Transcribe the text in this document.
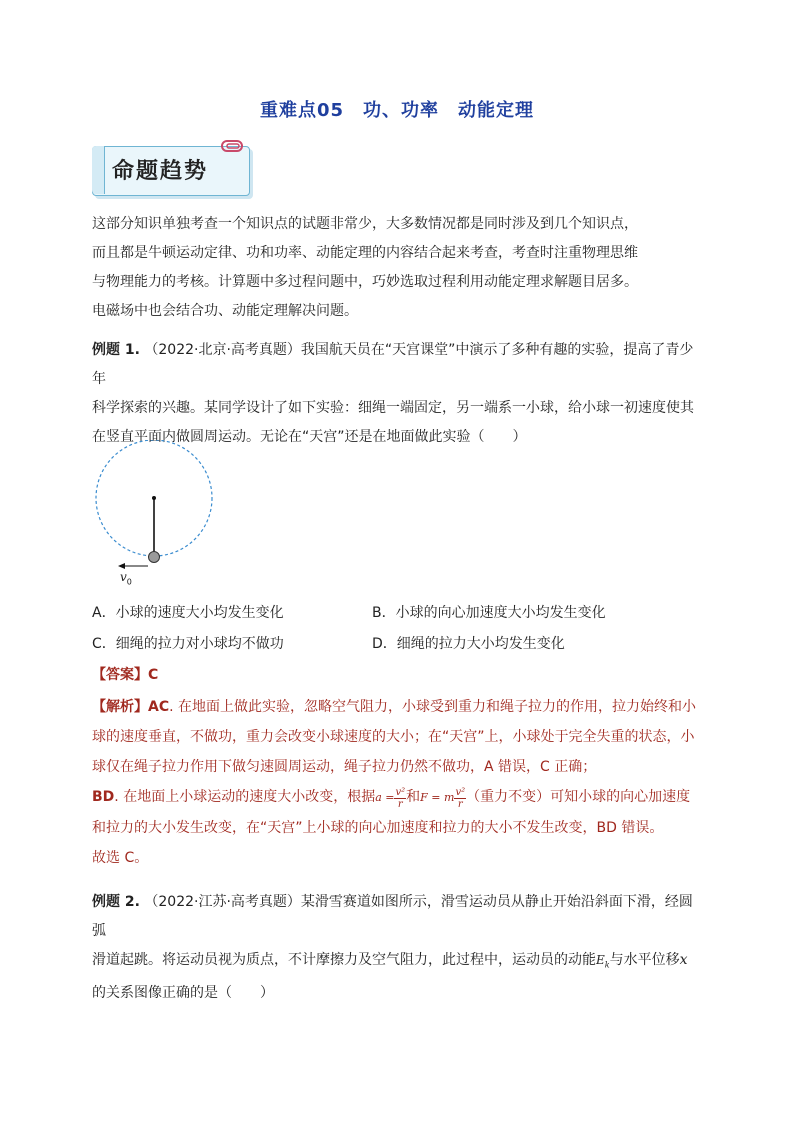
重难点05　功、功率　动能定理
命题趋势
这部分知识单独考查一个知识点的试题非常少，大多数情况都是同时涉及到几个知识点，
而且都是牛顿运动定律、功和功率、动能定理的内容结合起来考查，考查时注重物理思维
与物理能力的考核。计算题中多过程问题中，巧妙选取过程利用动能定理求解题目居多。
电磁场中也会结合功、动能定理解决问题。
例题 1. （2022·北京·高考真题）我国航天员在“天宫课堂”中演示了多种有趣的实验，提高了青少年
科学探索的兴趣。某同学设计了如下实验：细绳一端固定，另一端系一小球，给小球一初速度使其
在竖直平面内做圆周运动。无论在“天宫”还是在地面做此实验（　　）
$v_0$
A．小球的速度大小均发生变化	B．小球的向心加速度大小均发生变化
C．细绳的拉力对小球均不做功	D．细绳的拉力大小均发生变化
【答案】C
【解析】AC. 在地面上做此实验，忽略空气阻力，小球受到重力和绳子拉力的作用，拉力始终和小
球的速度垂直，不做功，重力会改变小球速度的大小；在“天宫”上，小球处于完全失重的状态，小
球仅在绳子拉力作用下做匀速圆周运动，绳子拉力仍然不做功，A 错误，C 正确；
BD. 在地面上小球运动的速度大小改变，根据$a = \frac{\text{v²}}{r}$ 和F = m $\frac{\text{v²}}{r}$ （重力不变）可知小球的向心加速度
和拉力的大小发生改变，在“天宫”上小球的向心加速度和拉力的大小不发生改变，BD 错误。
故选 C。
例题 2. （2022·江苏·高考真题）某滑雪赛道如图所示，滑雪运动员从静止开始沿斜面下滑，经圆弧
滑道起跳。将运动员视为质点，不计摩擦力及空气阻力，此过程中，运动员的动能$E_k$与水平位移x
的关系图像正确的是（　　）
